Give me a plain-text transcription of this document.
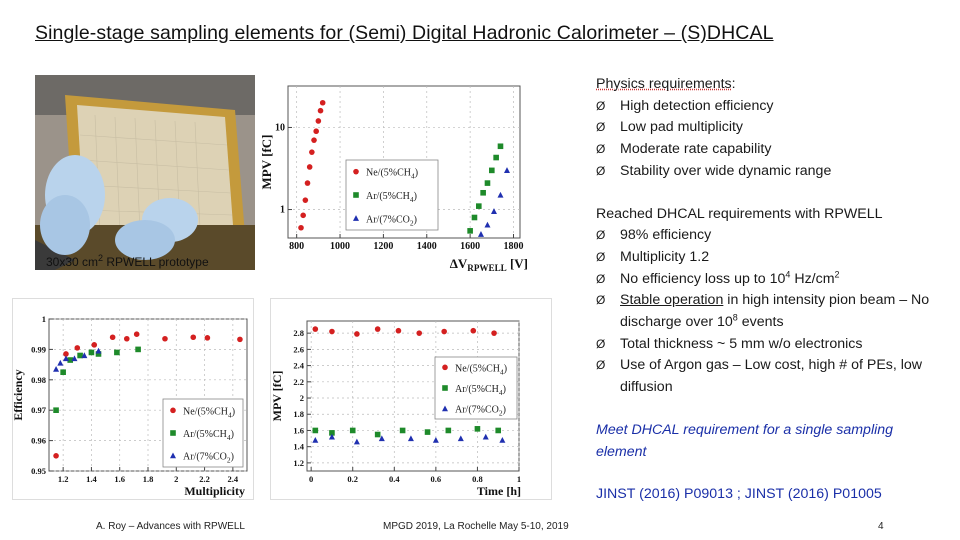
Single-stage sampling elements for (Semi) Digital Hadronic Calorimeter – (S)DHCAL
30x30 $cm^2$ RPWELL prototype
800	1000 1200 1400 1600 1800
1
10
$\Delta V_{RPWELL}$ [V]
MPV [fC]	$Ne/(5\%CH_4)$
$Ar/(5\%CH_4)$
$Ar/(7\%CO_2)$
1.2 1.4 1.6 1.8 2 2.2 2.4
0.95
0.96
0.97
0.98
0.99
1
Multiplicity
Efficiency	$Ne/(5\%CH_4)$
$Ar/(5\%CH_4)$
$Ar/(7\%CO_2)$
0	0.2	0.4	0.6	0.8	1
1.2
1.4
1.6
1.8
2
2.2
2.4
2.6
2.8
Time [h]
MPV [fC]
$Ne/(5\%CH_4)$
$Ar/(5\%CH_4)$
$Ar/(7\%CO_2)$
Physics requirements:
Ø High detection efficiency
Ø Low pad multiplicity
Ø Moderate rate capability
Ø Stability over wide dynamic range
Reached DHCAL requirements with RPWELL
Ø 98% efficiency
Ø Multiplicity 1.2
Ø No efficiency loss up to $10^4$ $Hz/cm^2$
Ø Stable operation in high intensity pion beam – No discharge over $10^8$ events
Ø Total thickness ~ 5 mm w/o electronics
Ø Use of Argon gas – Low cost, high # of PEs, low diffusion
Meet DHCAL requirement for a single sampling element
JINST (2016) P09013 ; JINST (2016) P01005
A. Roy – Advances with RPWELL	MPGD 2019, La Rochelle May 5-10, 2019	4
